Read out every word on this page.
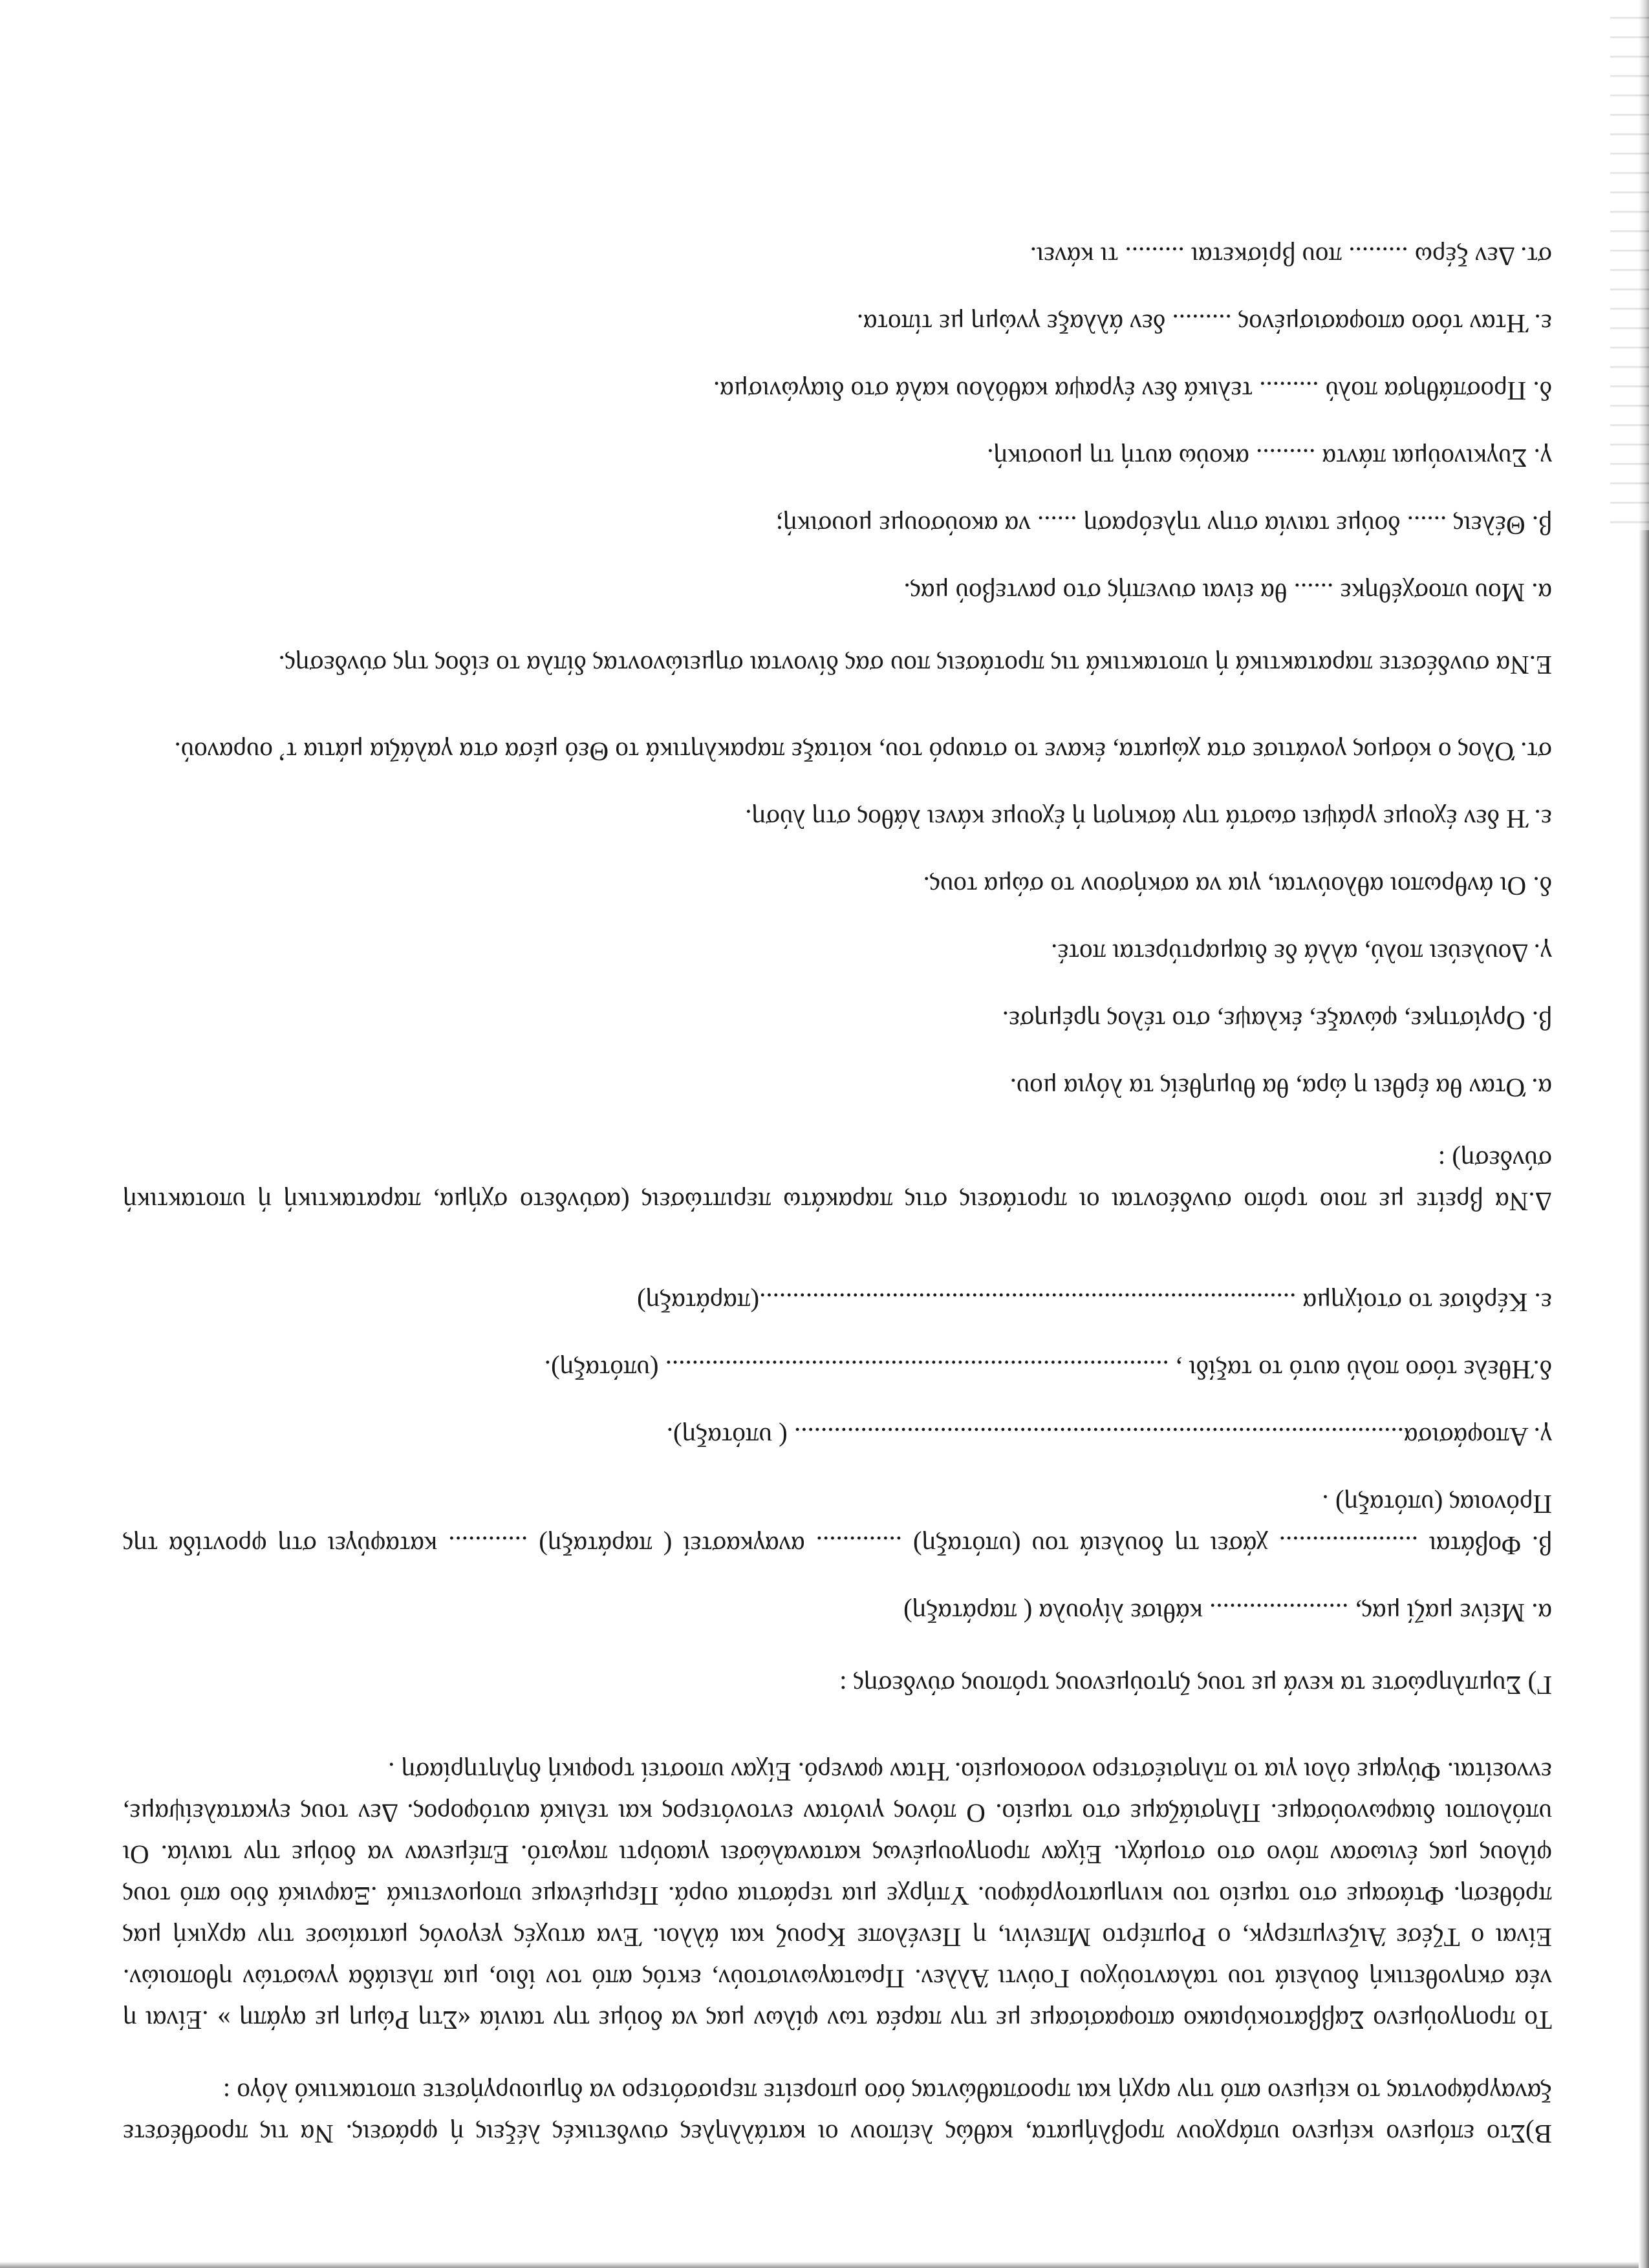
Β)Στο επόμενο κείμενο υπάρχουν προβλήματα, καθώς λείπουν οι κατάλληλες συνδετικές λέξεις ή φράσεις. Να τις προσθέσετε ξαναγράφοντας το κείμενο από την αρχή και προσπαθώντας όσο μπορείτε περισσότερο να δημιουργήσετε υποτακτικό λόγο :

Το προηγούμενο Σαββατοκύριακο αποφασίσαμε με την παρέα των φίλων μας να δούμε την ταινία «Στη Ρώμη με αγάπη » .Είναι η νέα σκηνοθετική δουλειά του ταλαντούχου Γούντι Άλλεν. Πρωταγωνιστούν, εκτός από τον ίδιο, μια πλειάδα γνωστών ηθοποιών. Είναι ο Τζέσε Άιζενμπεργκ, ο Ρομπέρτο Μπενίνι, η Πενέλοπε Κρουζ και άλλοι. Ένα ατυχές γεγονός ματαίωσε την αρχική μας πρόθεση. Φτάσαμε στο ταμείο του κινηματογράφου. Υπήρχε μια τεράστια ουρά. Περιμέναμε υπομονετικά .Ξαφνικά δύο από τους φίλους μας ένιωσαν πόνο στο στομάχι. Είχαν προηγουμένως καταναλώσει γιαούρτι παγωτό. Επέμεναν να δούμε την ταινία. Οι υπόλοιποι διαφωνούσαμε. Πλησιάζαμε στο ταμείο. Ο πόνος γινόταν εντονότερος και τελικά αυτόφορος. Δεν τους εγκαταλείψαμε, εννοείται. Φύγαμε όλοι για το πλησιέστερο νοσοκομείο. Ήταν φανερό. Είχαν υποστεί τροφική δηλητηρίαση .

Γ) Συμπληρώστε τα κενά με τους ζητούμενους τρόπους σύνδεσης :

α. Μείνε μαζί μας, ..................... κάθισε λίγουλα ( παράταξη)

β. Φοβάται ..................... χάσει τη δουλειά του (υπόταξη) ............. αναγκαστεί ( παράταξη) ............ καταφύγει στη φροντίδα της Πρόνοιας (υπόταξη) .

γ. Αποφάσισα............................................................................................ ( υπόταξη).

δ.Ήθελε τόσο πολύ αυτό το ταξίδι , ............................................................................ (υπόταξη).

ε. Κέρδισε το στοίχημα .................................................................................(παράταξη)

Δ.Να βρείτε με ποιο τρόπο συνδέονται οι προτάσεις στις παρακάτω περιπτώσεις (ασύνδετο σχήμα, παρατακτική ή υποτακτική σύνδεση) :

α. Όταν θα έρθει η ώρα, θα θυμηθείς τα λόγια μου.

β. Οργίστηκε, φώναξε, έκλαψε, στο τέλος ηρέμησε.

γ. Δουλεύει πολύ, αλλά δε διαμαρτύρεται ποτέ.

δ. Οι άνθρωποι αθλούνται, για να ασκήσουν το σώμα τους.

ε. Ή δεν έχουμε γράψει σωστά την άσκηση ή έχουμε κάνει λάθος στη λύση.

στ. Όλος ο κόσμος γονάτισε στα χώματα, έκανε το σταυρό του, κοίταξε παρακλητικά το Θεό μέσα στα γαλάζια μάτια τ’ ουρανού.

Ε.Να συνδέσετε παρατακτικά ή υποτακτικά τις προτάσεις που σας δίνονται σημειώνοντας δίπλα το είδος της σύνδεσης.

α. Μου υποσχέθηκε ...... θα είναι συνεπής στο ραντεβού μας.

β. Θέλεις ...... δούμε ταινία στην τηλεόραση ...... να ακούσουμε μουσική;

γ. Συγκινούμαι πάντα ......... ακούω αυτή τη μουσική.

δ. Προσπάθησα πολύ ......... τελικά δεν έγραψα καθόλου καλά στο διαγώνισμα.

ε. Ήταν τόσο αποφασισμένος ......... δεν άλλαξε γνώμη με τίποτα.

στ. Δεν ξέρω ......... που βρίσκεται ......... τι κάνει.
